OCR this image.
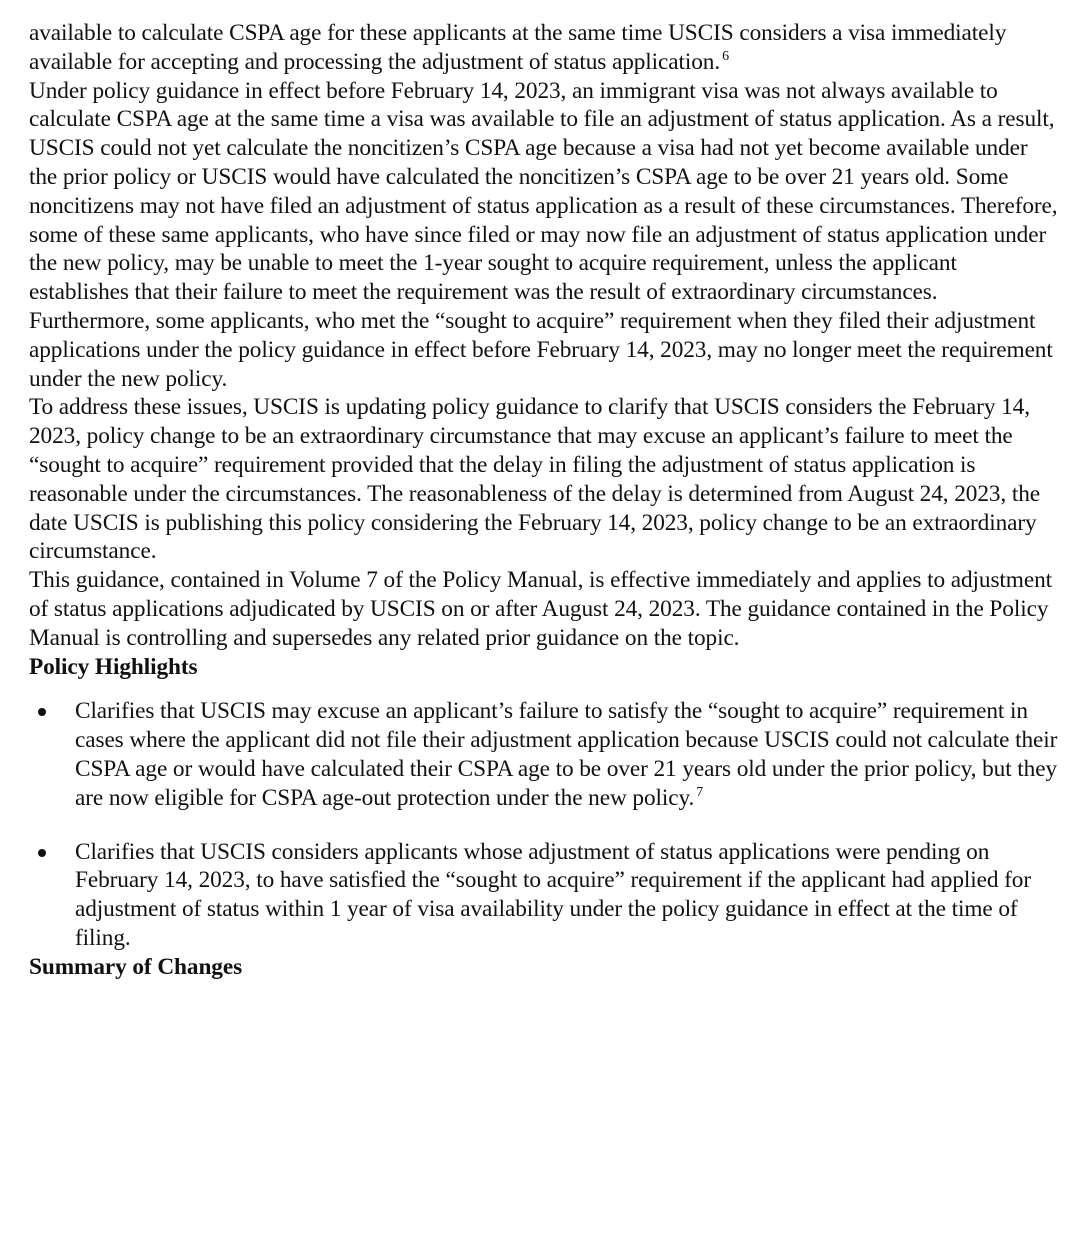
available to calculate CSPA age for these applicants at the same time USCIS considers a visa immediately available for accepting and processing the adjustment of status application. $^6$

Under policy guidance in effect before February 14, 2023, an immigrant visa was not always available to calculate CSPA age at the same time a visa was available to file an adjustment of status application. As a result, USCIS could not yet calculate the noncitizen’s CSPA age because a visa had not yet become available under the prior policy or USCIS would have calculated the noncitizen’s CSPA age to be over 21 years old. Some noncitizens may not have filed an adjustment of status application as a result of these circumstances. Therefore, some of these same applicants, who have since filed or may now file an adjustment of status application under the new policy, may be unable to meet the 1-year sought to acquire requirement, unless the applicant establishes that their failure to meet the requirement was the result of extraordinary circumstances.

Furthermore, some applicants, who met the “sought to acquire” requirement when they filed their adjustment applications under the policy guidance in effect before February 14, 2023, may no longer meet the requirement under the new policy.

To address these issues, USCIS is updating policy guidance to clarify that USCIS considers the February 14, 2023, policy change to be an extraordinary circumstance that may excuse an applicant’s failure to meet the “sought to acquire” requirement provided that the delay in filing the adjustment of status application is reasonable under the circumstances. The reasonableness of the delay is determined from August 24, 2023, the date USCIS is publishing this policy considering the February 14, 2023, policy change to be an extraordinary circumstance.

This guidance, contained in Volume 7 of the Policy Manual, is effective immediately and applies to adjustment of status applications adjudicated by USCIS on or after August 24, 2023. The guidance contained in the Policy Manual is controlling and supersedes any related prior guidance on the topic.

Policy Highlights
Clarifies that USCIS may excuse an applicant’s failure to satisfy the “sought to acquire” requirement in cases where the applicant did not file their adjustment application because USCIS could not calculate their CSPA age or would have calculated their CSPA age to be over 21 years old under the prior policy, but they are now eligible for CSPA age-out protection under the new policy. $^7$
Clarifies that USCIS considers applicants whose adjustment of status applications were pending on February 14, 2023, to have satisfied the “sought to acquire” requirement if the applicant had applied for adjustment of status within 1 year of visa availability under the policy guidance in effect at the time of filing.
Summary of Changes
